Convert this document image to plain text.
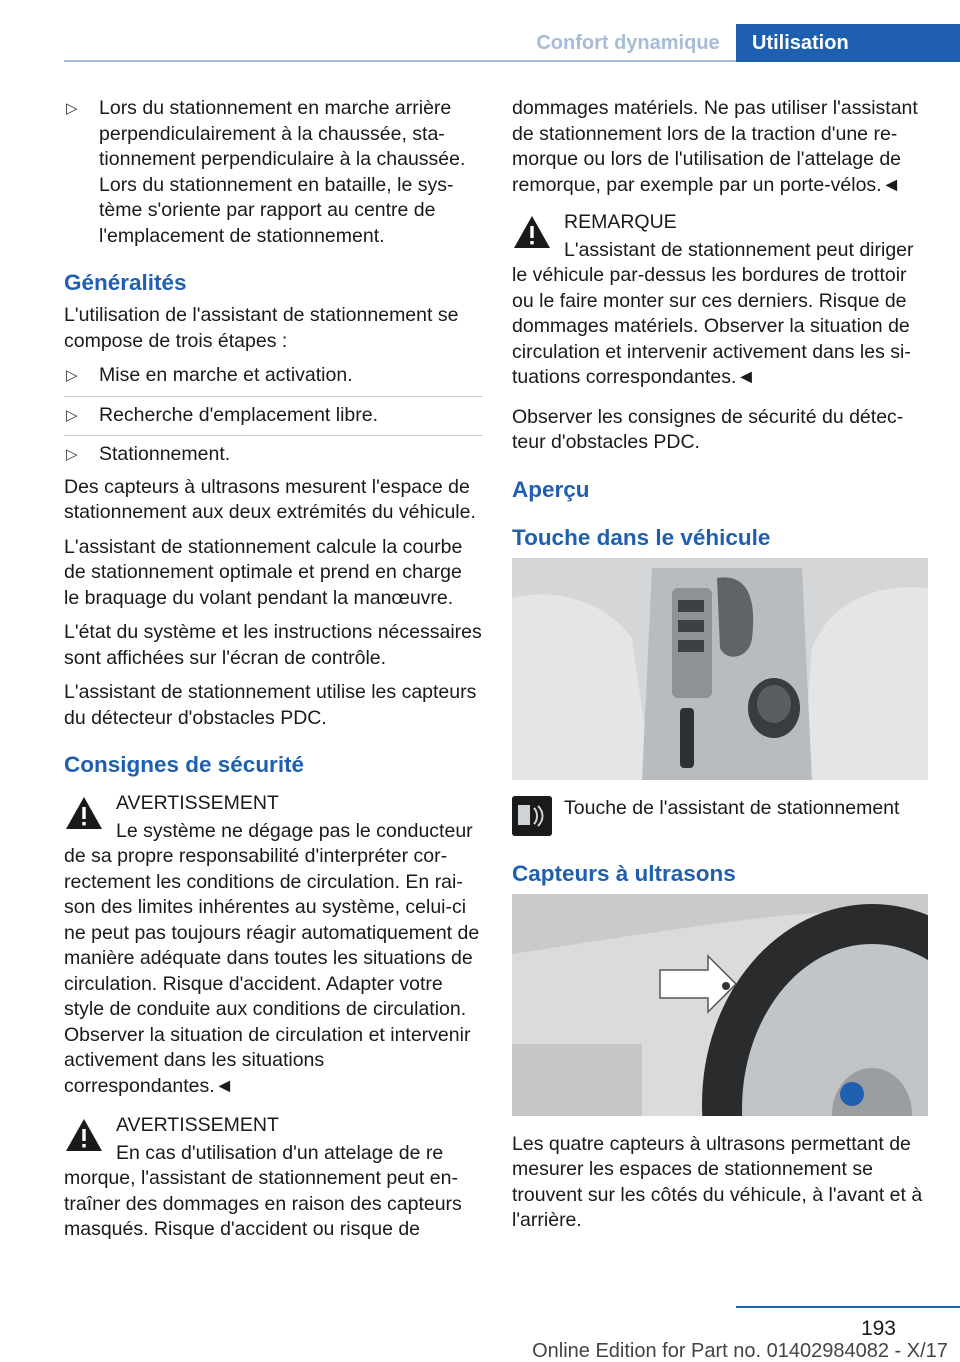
Confort dynamique	Utilisation
▷ Lors du stationnement en marche arrière perpendiculairement à la chaussée, stationnement perpendiculaire à la chaussée. Lors du stationnement en bataille, le système s'oriente par rapport au centre de l'emplacement de stationnement.
Généralités

L'utilisation de l'assistant de stationnement se compose de trois étapes :

▷ Mise en marche et activation.
▷ Recherche d'emplacement libre.
▷ Stationnement.

Des capteurs à ultrasons mesurent l'espace de stationnement aux deux extrémités du véhicule.

L'assistant de stationnement calcule la courbe de stationnement optimale et prend en charge le braquage du volant pendant la manœuvre.

L'état du système et les instructions nécessaires sont affichées sur l'écran de contrôle.

L'assistant de stationnement utilise les capteurs du détecteur d'obstacles PDC.

Consignes de sécurité
AVERTISSEMENT
Le système ne dégage pas le conducteur
de sa propre responsabilité d'interpréter correctement les conditions de circulation. En raison des limites inhérentes au système, celui-ci ne peut pas toujours réagir automatiquement de manière adéquate dans toutes les situations de circulation. Risque d'accident. Adapter votre style de conduite aux conditions de circulation. Observer la situation de circulation et intervenir activement dans les situations correspondantes.◄
AVERTISSEMENT
En cas d'utilisation d'un attelage de re
morque, l'assistant de stationnement peut entraîner des dommages en raison des capteurs masqués. Risque d'accident ou risque de

dommages matériels. Ne pas utiliser l'assistant de stationnement lors de la traction d'une remorque ou lors de l'utilisation de l'attelage de remorque, par exemple par un porte-vélos.◄

REMARQUE
L'assistant de stationnement peut diriger
le véhicule par-dessus les bordures de trottoir ou le faire monter sur ces derniers. Risque de dommages matériels. Observer la situation de circulation et intervenir activement dans les situations correspondantes.◄

Observer les consignes de sécurité du détecteur d'obstacles PDC.

Aperçu
Touche dans le véhicule
Touche de l'assistant de stationnement
Capteurs à ultrasons

Les quatre capteurs à ultrasons permettant de mesurer les espaces de stationnement se trouvent sur les côtés du véhicule, à l'avant et à l'arrière.

193
Online Edition for Part no. 01402984082 - X/17
